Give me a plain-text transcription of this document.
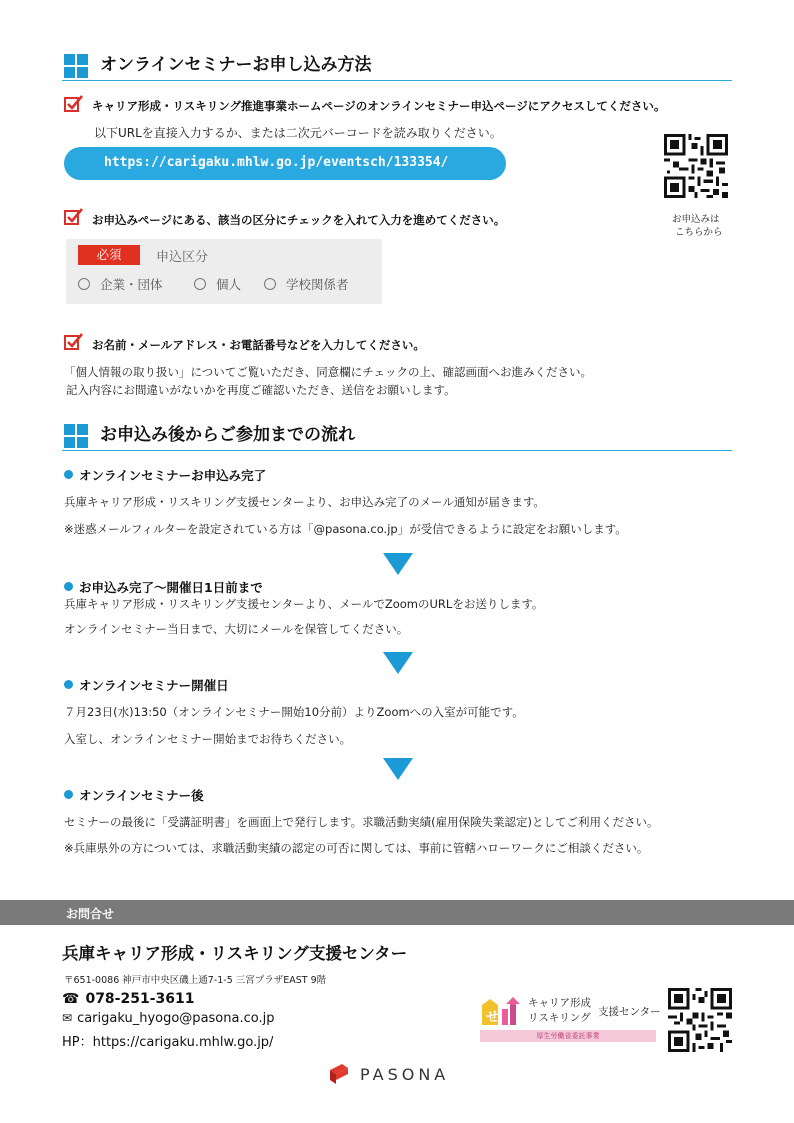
オンラインセミナーお申し込み方法
キャリア形成・リスキリング推進事業ホームページのオンラインセミナー申込ページにアクセスしてください。
以下URLを直接入力するか、または二次元バーコードを読み取りください。
https://carigaku.mhlw.go.jp/eventsch/133354/
お申込みは
こちらから
お申込みページにある、該当の区分にチェックを入れて入力を進めてください。
必須	申込区分
企業・団体	個人	学校関係者
お名前・メールアドレス・お電話番号などを入力してください。
「個人情報の取り扱い」についてご覧いただき、同意欄にチェックの上、確認画面へお進みください。
記入内容にお間違いがないかを再度ご確認いただき、送信をお願いします。
お申込み後からご参加までの流れ
オンラインセミナーお申込み完了
兵庫キャリア形成・リスキリング支援センターより、お申込み完了のメール通知が届きます。
※迷惑メールフィルターを設定されている方は「@pasona.co.jp」が受信できるように設定をお願いします。
お申込み完了～開催日1日前まで
兵庫キャリア形成・リスキリング支援センターより、メールでZoomのURLをお送りします。
オンラインセミナー当日まで、大切にメールを保管してください。
オンラインセミナー開催日
７月23日(水)13:50（オンラインセミナー開始10分前）よりZoomへの入室が可能です。
入室し、オンラインセミナー開始までお待ちください。
オンラインセミナー後
セミナーの最後に「受講証明書」を画面上で発行します。求職活動実績(雇用保険失業認定)としてご利用ください。
※兵庫県外の方については、求職活動実績の認定の可否に関しては、事前に管轄ハローワークにご相談ください。
お問合せ
兵庫キャリア形成・リスキリング支援センター
〒651-0086 神戸市中央区磯上通7-1-5 三宮プラザEAST 9階
☎ 078-251-3611
✉ carigaku_hyogo@pasona.co.jp
HP：https://carigaku.mhlw.go.jp/
せ
キャリア形成
リスキリング 支援センター
厚生労働省委託事業
PASONA
